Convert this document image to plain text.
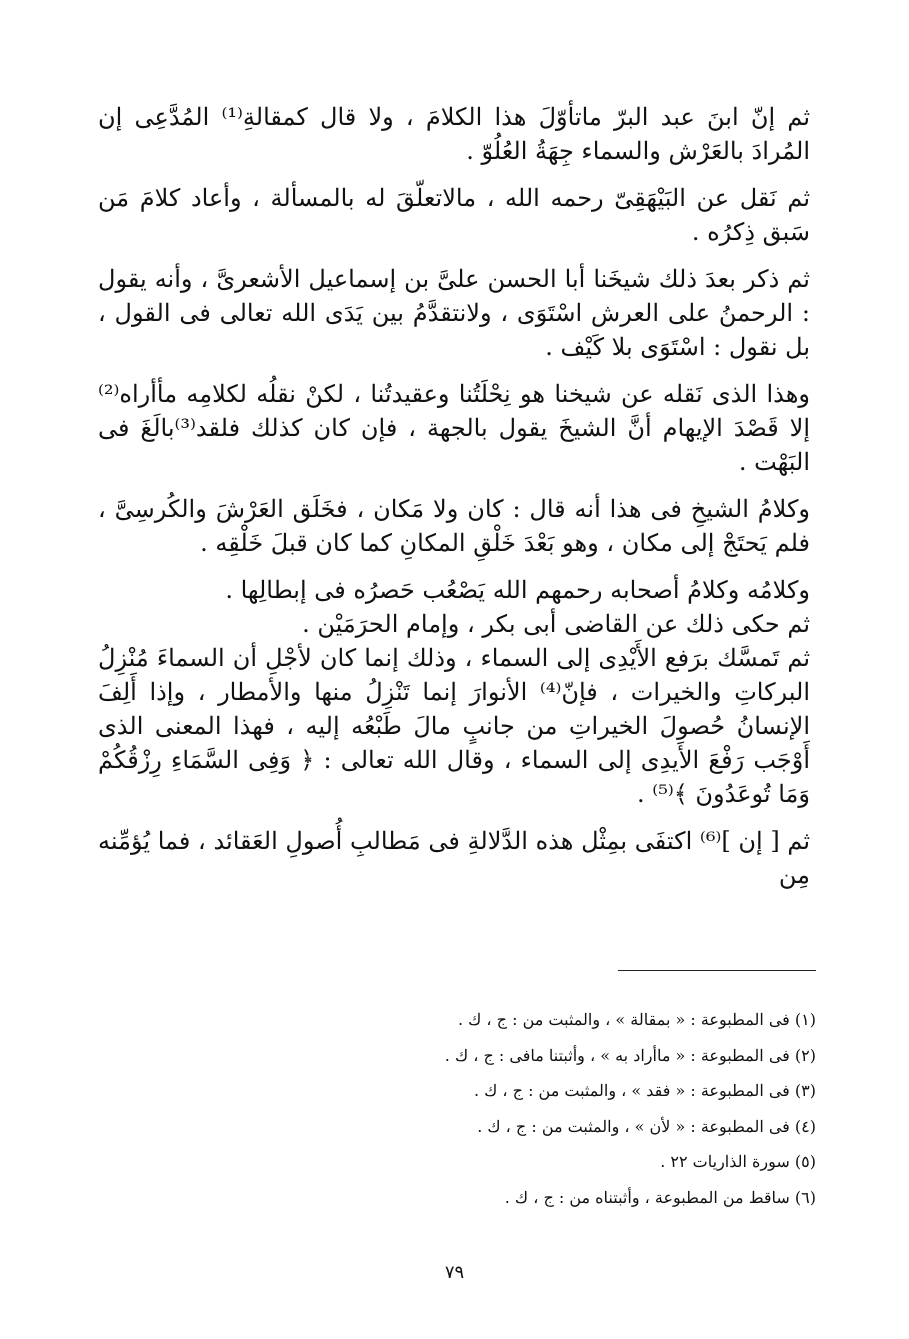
ثم إنّ ابنَ عبد البرّ ماتأوّلَ هذا الكلامَ ، ولا قال كمقالةِ⁽¹⁾ المُدَّعِى إن المُرادَ بالعَرْش والسماء جِهَةُ العُلُوّ .

ثم نَقل عن البَيْهَقِىّ رحمه الله ، مالاتعلّقَ له بالمسألة ، وأعاد كلامَ مَن سَبق ذِكرُه .

ثم ذكر بعدَ ذلك شيخَنا أبا الحسن علىَّ بن إسماعيل الأشعرىَّ ، وأنه يقول : الرحمنُ على العرش اسْتَوَى ، ولانتقدَّمُ بين يَدَى الله تعالى فى القول ، بل نقول : اسْتَوَى بلا كَيْف .

وهذا الذى نَقله عن شيخنا هو نِحْلَتُنا وعقيدتُنا ، لكنْ نقلُه لكلامِه مأأراه⁽²⁾ إلا قَصْدَ الإيهام أنَّ الشيخَ يقول بالجهة ، فإن كان كذلك فلقد⁽³⁾بالَغَ فى البَهْت .

وكلامُ الشيخِ فى هذا أنه قال : كان ولا مَكان ، فخَلَق العَرْشَ والكُرسِىَّ ، فلم يَحتَجْ إلى مكان ، وهو بَعْدَ خَلْقِ المكانِ كما كان قبلَ خَلْقِه .

وكلامُه وكلامُ أصحابه رحمهم الله يَصْعُب حَصرُه فى إبطالِها .

ثم حكى ذلك عن القاضى أبى بكر ، وإمام الحرَمَيْن .

ثم تَمسَّك برَفع الأَيْدِى إلى السماء ، وذلك إنما كان لأجْلِ أن السماءَ مُنْزِلُ البركاتِ والخيرات ، فإنّ⁽⁴⁾ الأنوارَ إنما تَنْزِلُ منها والأمطار ، وإذا أَلِفَ الإنسانُ حُصولَ الخيراتِ من جانبٍ مالَ طَبْعُه إليه ، فهذا المعنى الذى أَوْجَب رَفْعَ الأَيدِى إلى السماء ، وقال الله تعالى : ﴿ وَفِى السَّمَاءِ رِزْقُكُمْ وَمَا تُوعَدُونَ ﴾⁽⁵⁾ .

ثم [ إن ]⁽⁶⁾ اكتفَى بمِثْل هذه الدَّلالةِ فى مَطالبِ أُصولِ العَقائد ، فما يُؤمِّنه مِن

(١) فى المطبوعة : « بمقالة » ، والمثبت من : ج ، ك .

(٢) فى المطبوعة : « ماأراد به » ، وأثبتنا مافى : ج ، ك .

(٣) فى المطبوعة : « فقد » ، والمثبت من : ج ، ك .

(٤) فى المطبوعة : « لأن » ، والمثبت من : ج ، ك .

(٥) سورة الذاريات ٢٢ .

(٦) ساقط من المطبوعة ، وأثبتناه من : ج ، ك .

٧٩
